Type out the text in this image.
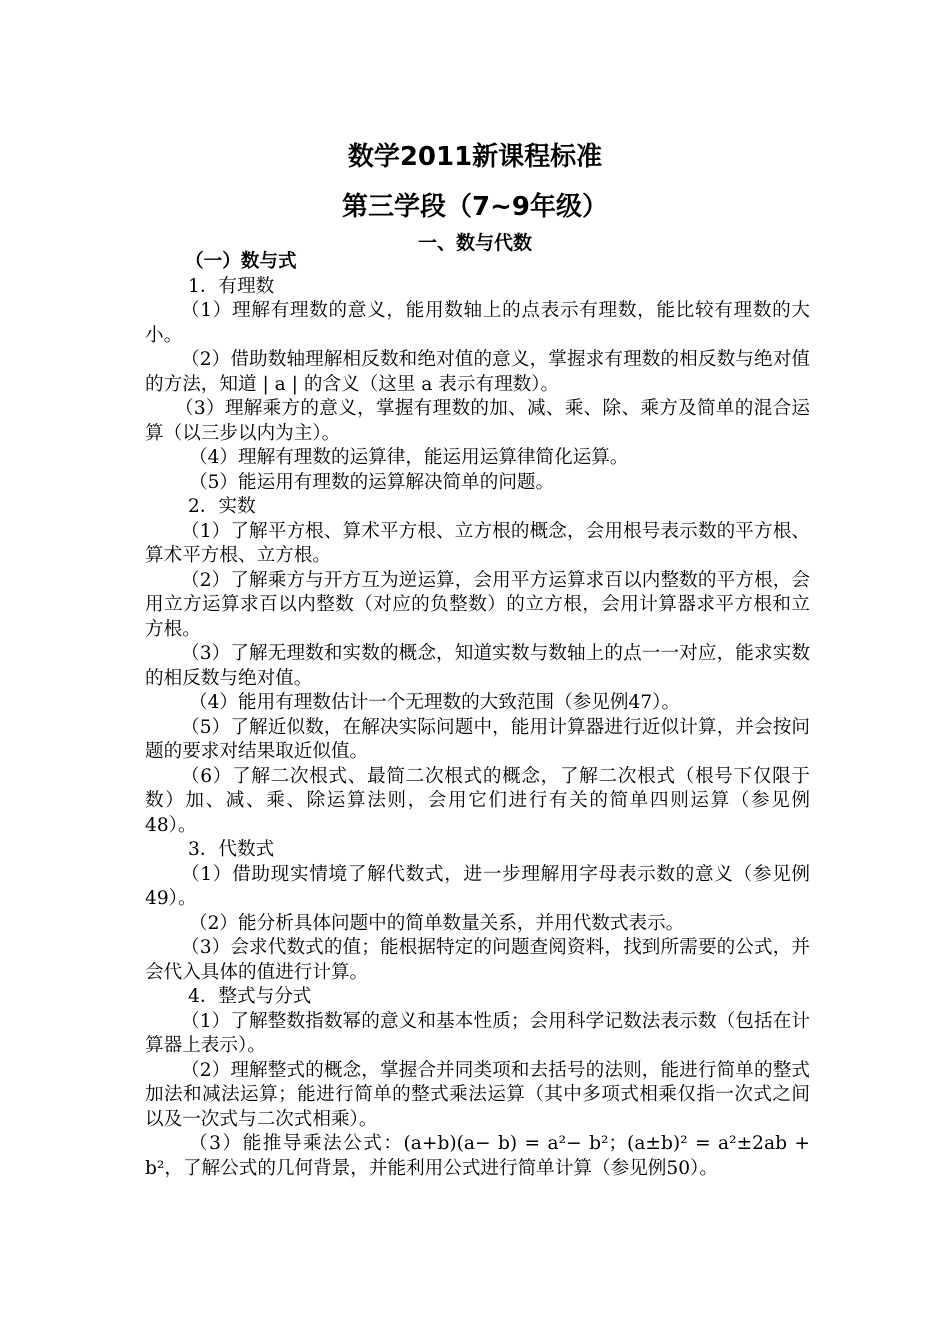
数学2011新课程标准
第三学段（7~9年级）
一、数与代数

（一）数与式

1．有理数

（1）理解有理数的意义，能用数轴上的点表示有理数，能比较有理数的大小。

（2）借助数轴理解相反数和绝对值的意义，掌握求有理数的相反数与绝对值的方法，知道 | a | 的含义（这里 a 表示有理数）。

（3）理解乘方的意义，掌握有理数的加、减、乘、除、乘方及简单的混合运算（以三步以内为主）。

（4）理解有理数的运算律，能运用运算律简化运算。

（5）能运用有理数的运算解决简单的问题。

2．实数

（1）了解平方根、算术平方根、立方根的概念，会用根号表示数的平方根、算术平方根、立方根。

（2）了解乘方与开方互为逆运算，会用平方运算求百以内整数的平方根，会用立方运算求百以内整数（对应的负整数）的立方根，会用计算器求平方根和立方根。

（3）了解无理数和实数的概念，知道实数与数轴上的点一一对应，能求实数的相反数与绝对值。

（4）能用有理数估计一个无理数的大致范围（参见例47）。

（5）了解近似数，在解决实际问题中，能用计算器进行近似计算，并会按问题的要求对结果取近似值。

（6）了解二次根式、最简二次根式的概念，了解二次根式（根号下仅限于数）加、减、乘、除运算法则，会用它们进行有关的简单四则运算（参见例48）。

3．代数式

（1）借助现实情境了解代数式，进一步理解用字母表示数的意义（参见例49）。

（2）能分析具体问题中的简单数量关系，并用代数式表示。

（3）会求代数式的值；能根据特定的问题查阅资料，找到所需要的公式，并会代入具体的值进行计算。

4．整式与分式

（1）了解整数指数幂的意义和基本性质；会用科学记数法表示数（包括在计算器上表示）。

（2）理解整式的概念，掌握合并同类项和去括号的法则，能进行简单的整式加法和减法运算；能进行简单的整式乘法运算（其中多项式相乘仅指一次式之间以及一次式与二次式相乘）。

（3）能推导乘法公式：(a+b)(a− b) = a²− b²；(a±b)² = a²±2ab + b²，了解公式的几何背景，并能利用公式进行简单计算（参见例50）。
